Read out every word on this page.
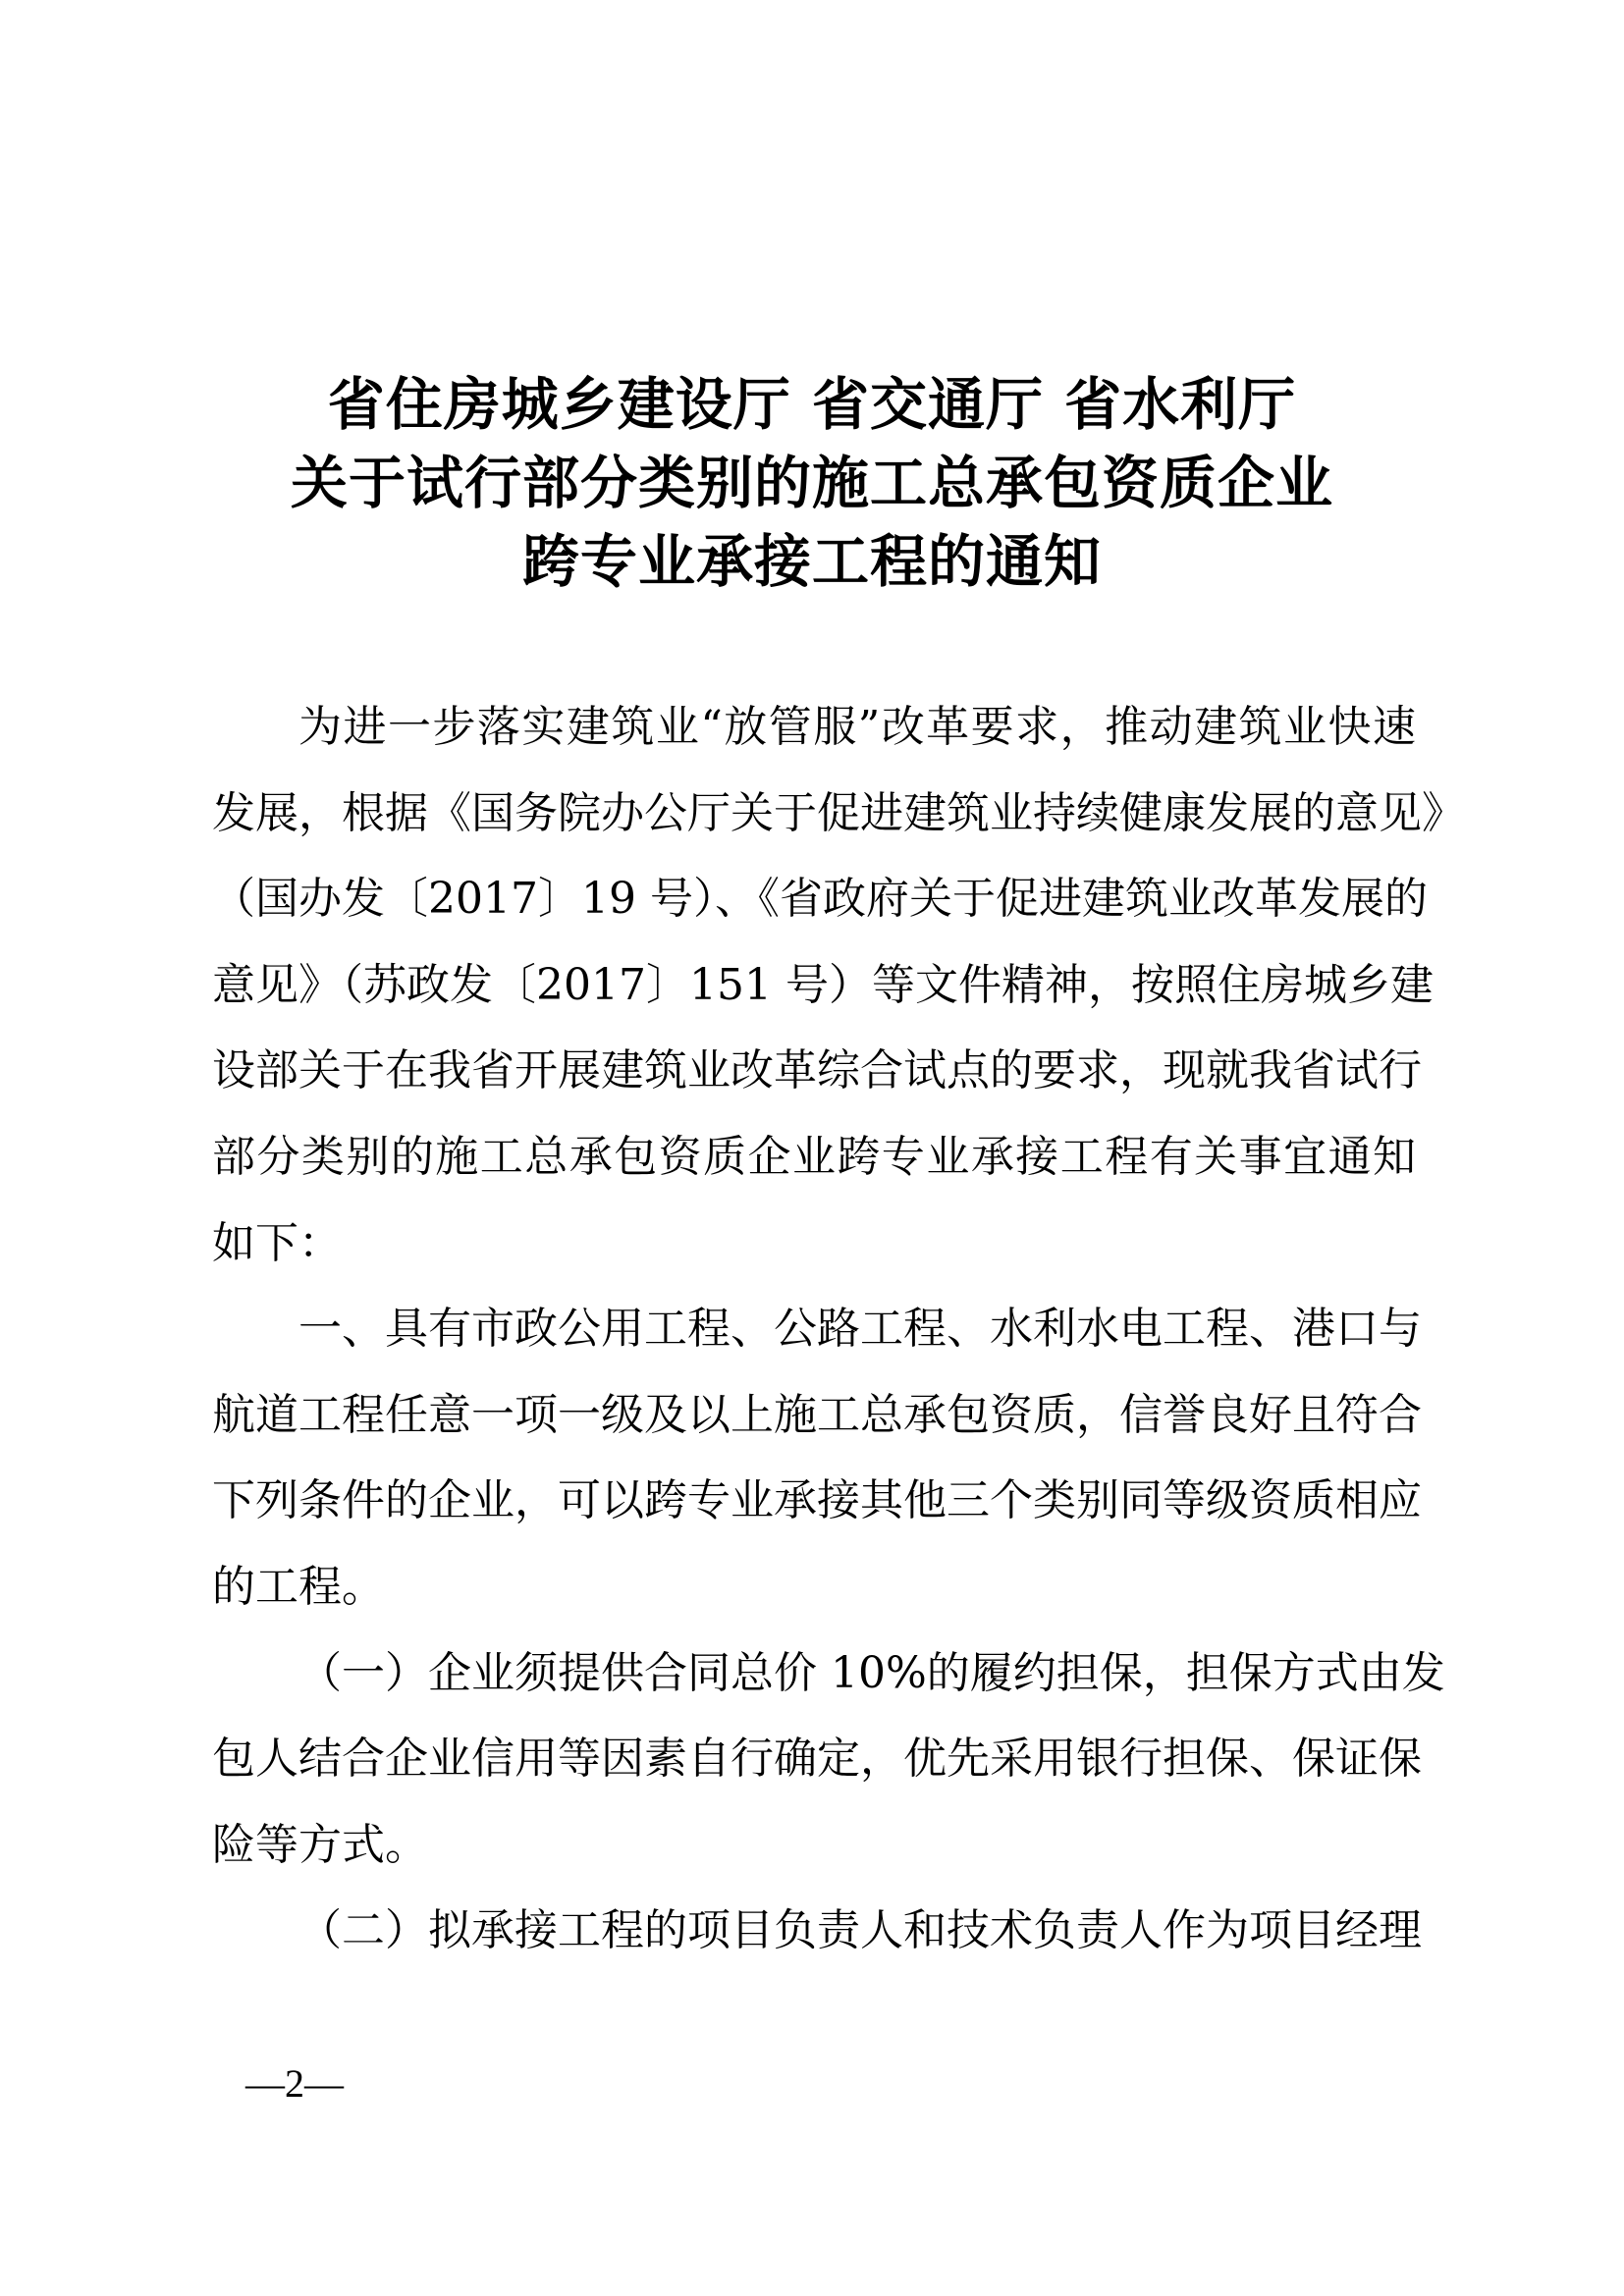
省住房城乡建设厅 省交通厅 省水利厅
关于试行部分类别的施工总承包资质企业
跨专业承接工程的通知
为进一步落实建筑业“放管服”改革要求，推动建筑业快速
发展，根据《国务院办公厅关于促进建筑业持续健康发展的意见》
（国办发〔2017〕19 号）、《省政府关于促进建筑业改革发展的
意见》（苏政发〔2017〕151 号）等文件精神，按照住房城乡建
设部关于在我省开展建筑业改革综合试点的要求，现就我省试行
部分类别的施工总承包资质企业跨专业承接工程有关事宜通知
如下：
一、具有市政公用工程、公路工程、水利水电工程、港口与
航道工程任意一项一级及以上施工总承包资质，信誉良好且符合
下列条件的企业，可以跨专业承接其他三个类别同等级资质相应
的工程。
（一）企业须提供合同总价 10%的履约担保，担保方式由发
包人结合企业信用等因素自行确定，优先采用银行担保、保证保
险等方式。
（二）拟承接工程的项目负责人和技术负责人作为项目经理
—2—
